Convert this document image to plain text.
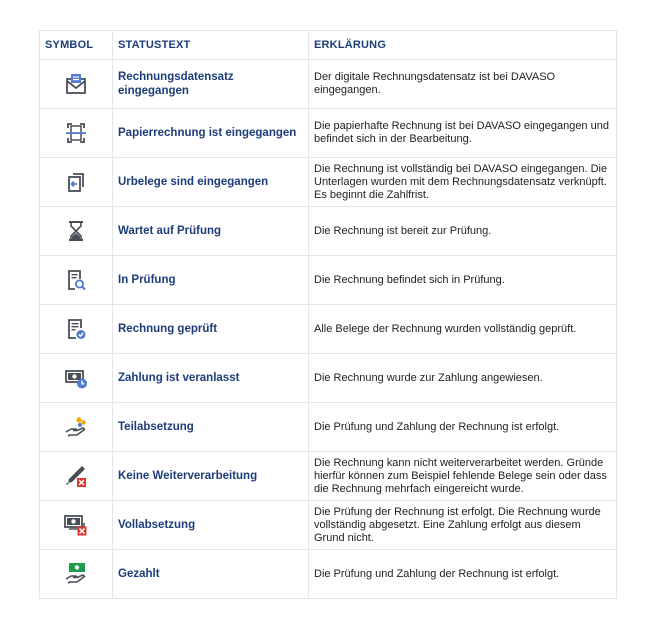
SYMBOL	STATUSTEXT	ERKLÄRUNG

	Rechnungsdatensatz eingegangen	Der digitale Rechnungsdatensatz ist bei DAVASO eingegangen.

	Papierrechnung ist eingegangen	Die papierhafte Rechnung ist bei DAVASO eingegangen und befindet sich in der Bearbeitung.

	Urbelege sind eingegangen	Die Rechnung ist vollständig bei DAVASO eingegangen. Die Unterlagen wurden mit dem Rechnungsdatensatz verknüpft. Es beginnt die Zahlfrist.

	Wartet auf Prüfung	Die Rechnung ist bereit zur Prüfung.

	In Prüfung	Die Rechnung befindet sich in Prüfung.

	Rechnung geprüft	Alle Belege der Rechnung wurden vollständig geprüft.

	Zahlung ist veranlasst	Die Rechnung wurde zur Zahlung angewiesen.

	Teilabsetzung	Die Prüfung und Zahlung der Rechnung ist erfolgt.

	Keine Weiterverarbeitung	Die Rechnung kann nicht weiterverarbeitet werden. Gründe hierfür können zum Beispiel fehlende Belege sein oder dass die Rechnung mehrfach eingereicht wurde.

	Vollabsetzung	Die Prüfung der Rechnung ist erfolgt. Die Rechnung wurde vollständig abgesetzt. Eine Zahlung erfolgt aus diesem Grund nicht.

	Gezahlt	Die Prüfung und Zahlung der Rechnung ist erfolgt.
